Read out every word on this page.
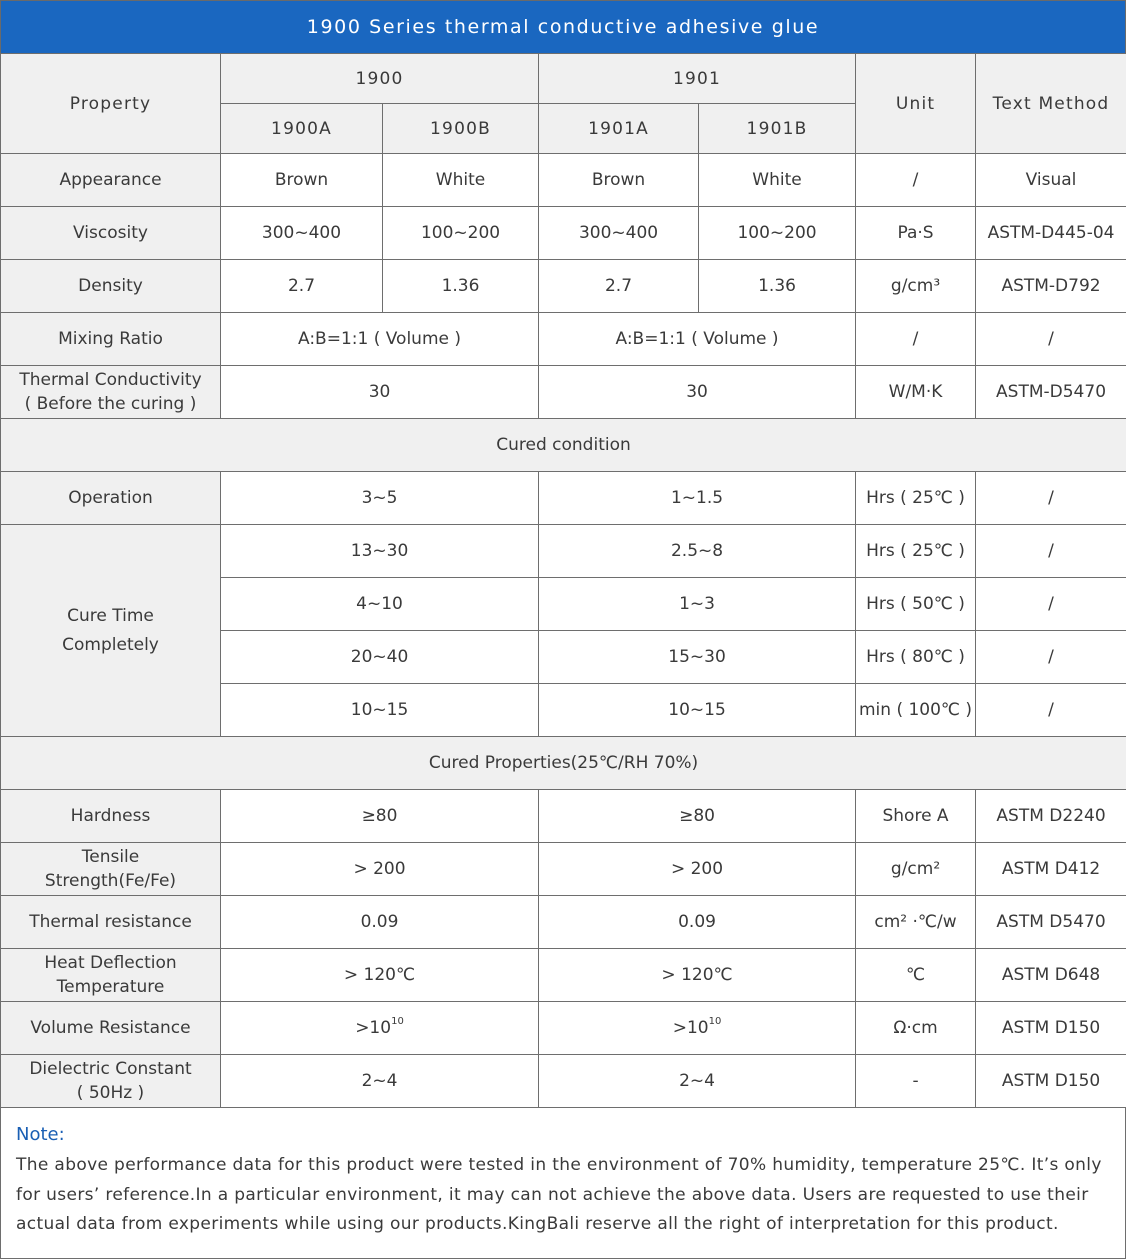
1900 Series thermal conductive adhesive glue
Property	1900		1901		Unit	Text Method
	1900A	1900B	1901A	1901B		
Appearance	Brown	White	Brown	White	/	Visual
Viscosity	300~400	100~200	300~400	100~200	Pa·S	ASTM-D445-04
Density	2.7	1.36	2.7	1.36	g/cm³	ASTM-D792
Mixing Ratio	A:B=1:1 ( Volume )		A:B=1:1 ( Volume )		/	/

Thermal Conductivity
( Before the curing )	30		30		W/M·K	ASTM-D5470
Cured condition						
Operation	3~5		1~1.5		Hrs ( 25℃ )	/

Cure Time
Completely	13~30		2.5~8		Hrs ( 25℃ )	/
	4~10		1~3		Hrs ( 50℃ )	/
	20~40		15~30		Hrs ( 80℃ )	/
	10~15		10~15		min ( 100℃ )	/
Cured Properties(25℃/RH 70%)						

Hardness	≥80		≥80		Shore A	ASTM D2240

Tensile
Strength(Fe/Fe)	> 200		> 200		g/cm²	ASTM D412

Thermal resistance	0.09		0.09		cm² ·℃/w	ASTM D5470

Heat Deflection
Temperature	> 120℃		> 120℃		℃	ASTM D648
Volume Resistance	$>10^{10}$		$>10^{10}$		Ω·cm	ASTM D150

Dielectric Constant
( 50Hz )	2~4		2~4		-	ASTM D150
Note:
The above performance data for this product were tested in the environment of 70% humidity, temperature 25℃. It’s only for users’ reference.In a particular environment, it may can not achieve the above data. Users are requested to use their actual data from experiments while using our products.KingBali reserve all the right of interpretation for this product.
